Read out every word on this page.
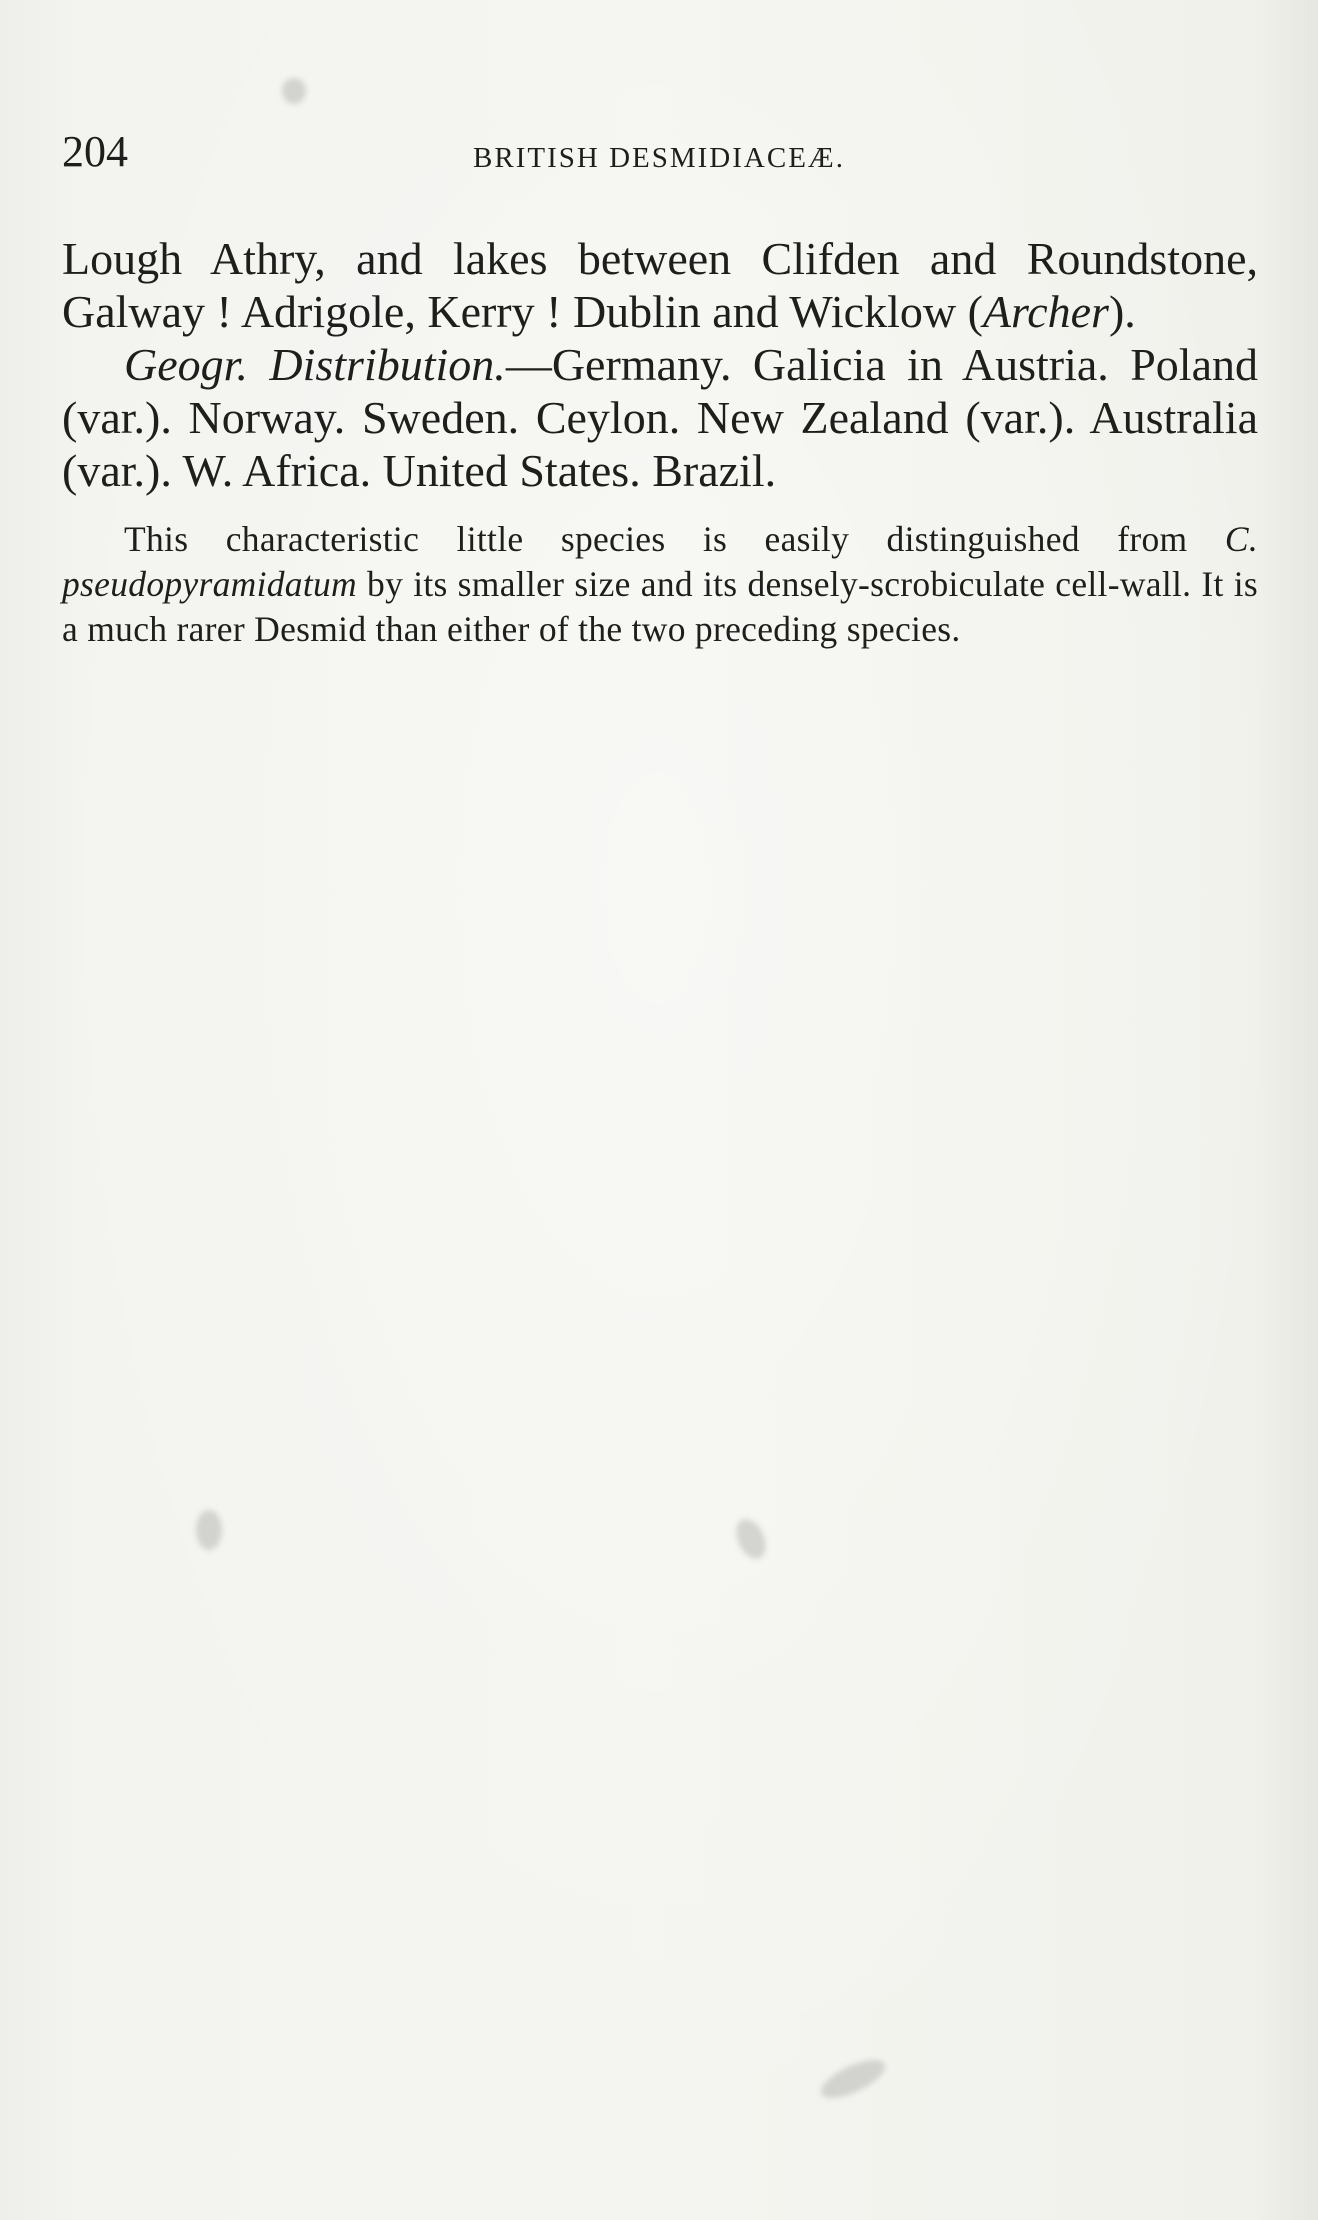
204	BRITISH DESMIDIACEÆ.

Lough Athry, and lakes between Clifden and Roundstone, Galway ! Adrigole, Kerry ! Dublin and Wicklow (Archer).

Geogr. Distribution.—Germany. Galicia in Austria. Poland (var.). Norway. Sweden. Ceylon. New Zealand (var.). Australia (var.). W. Africa. United States. Brazil.

This characteristic little species is easily distinguished from C. pseudopyramidatum by its smaller size and its densely-scrobiculate cell-wall. It is a much rarer Desmid than either of the two preceding species.
